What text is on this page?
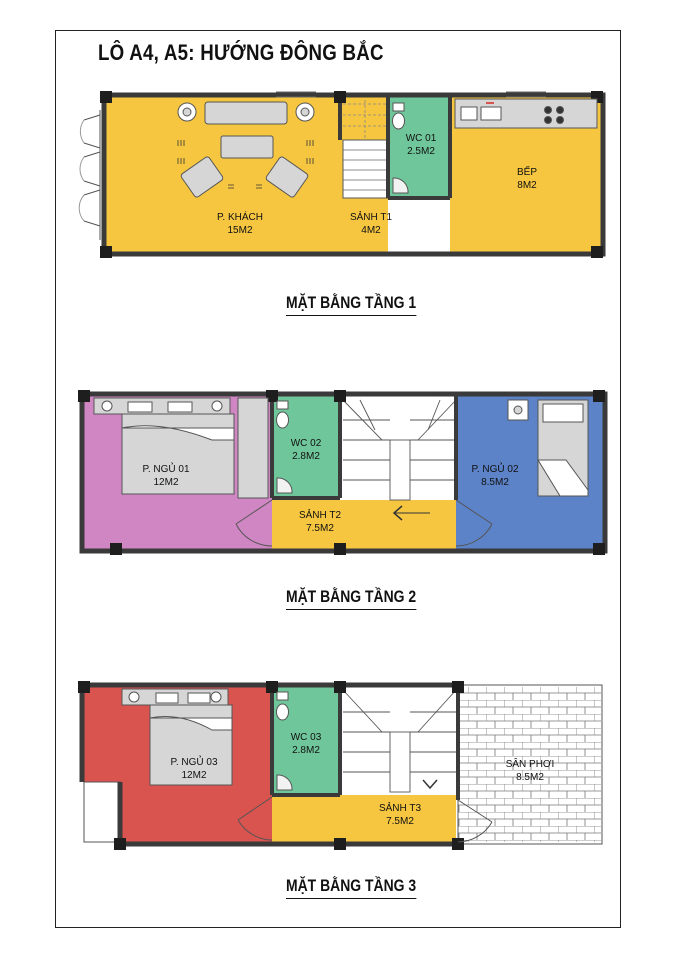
LÔ A4, A5: HƯỚNG ĐÔNG BẮC
MẶT BẰNG TẦNG 1
MẶT BẰNG TẦNG 2
MẶT BẰNG TẦNG 3
P. KHÁCH
15M2
SẢNH T1
4M2
WC 01
2.5M2
BẾP
8M2
P. NGỦ 01
12M2
WC 02
2.8M2
SẢNH T2
7.5M2
P. NGỦ 02
8.5M2
P. NGỦ 03
12M2
WC 03
2.8M2
SẢNH T3
7.5M2
SÂN PHƠI
8.5M2
